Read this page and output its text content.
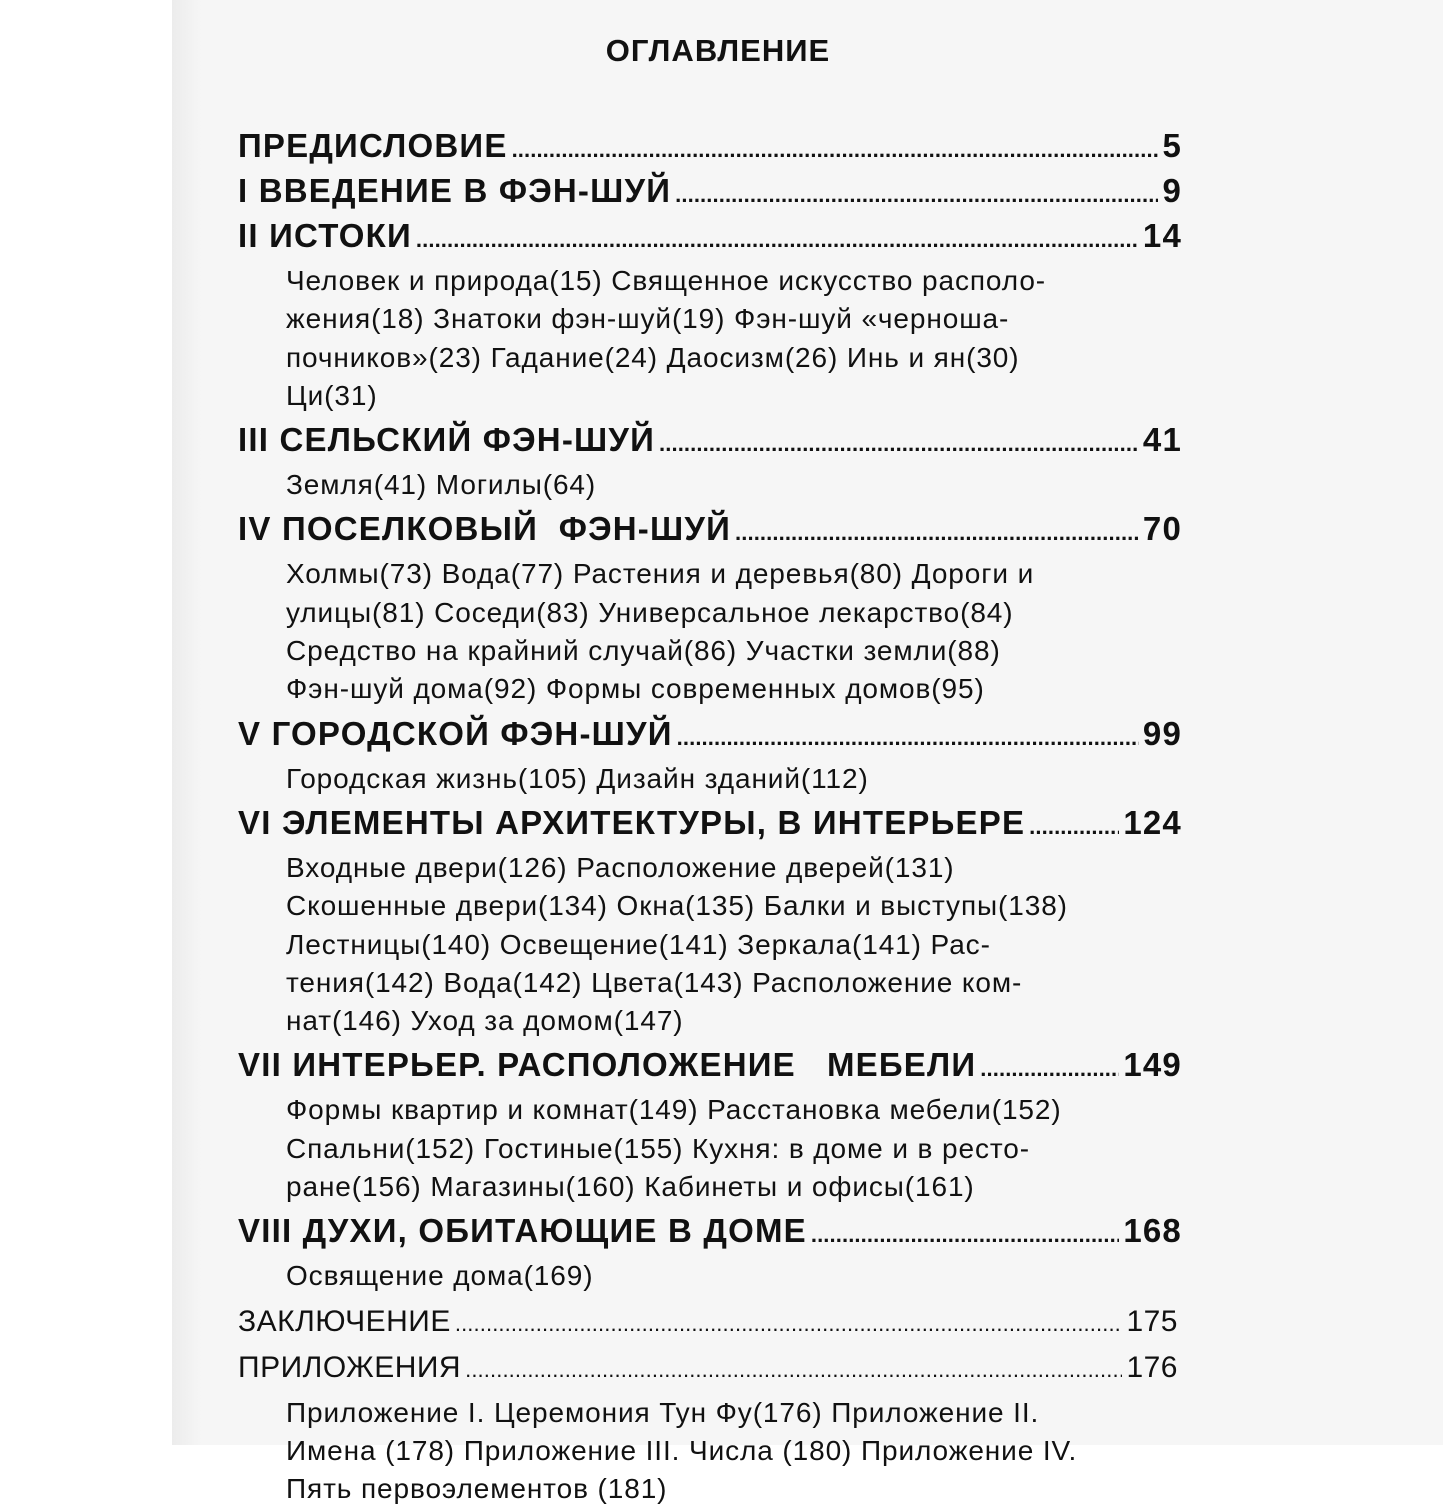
ОГЛАВЛЕНИЕ
ПРЕДИСЛОВИЕ . . .	5
I ВВЕДЕНИЕ В ФЭН-ШУЙ . . .	9
II ИСТОКИ . . .	14
Человек и природа(15) Священное искусство располо-
жения(18) Знатоки фэн-шуй(19) Фэн-шуй «черноша-
почников»(23) Гадание(24) Даосизм(26) Инь и ян(30)
Ци(31)
III СЕЛЬСКИЙ ФЭН-ШУЙ . . .	41
Земля(41) Могилы(64)
IV ПОСЕЛКОВЫЙ  ФЭН-ШУЙ . . .	70
Холмы(73) Вода(77) Растения и деревья(80) Дороги и
улицы(81) Соседи(83) Универсальное лекарство(84)
Средство на крайний случай(86) Участки земли(88)
Фэн-шуй дома(92) Формы современных домов(95)
V ГОРОДСКОЙ ФЭН-ШУЙ . . .	99
Городская жизнь(105) Дизайн зданий(112)
VI ЭЛЕМЕНТЫ АРХИТЕКТУРЫ, В ИНТЕРЬЕРЕ . . .	124
Входные двери(126) Расположение дверей(131)
Скошенные двери(134) Окна(135) Балки и выступы(138)
Лестницы(140) Освещение(141) Зеркала(141) Рас-
тения(142) Вода(142) Цвета(143) Расположение ком-
нат(146) Уход за домом(147)
VII ИНТЕРЬЕР. РАСПОЛОЖЕНИЕ   МЕБЕЛИ . . .	149
Формы квартир и комнат(149) Расстановка мебели(152)
Спальни(152) Гостиные(155) Кухня: в доме и в ресто-
ране(156) Магазины(160) Кабинеты и офисы(161)
VIII ДУХИ, ОБИТАЮЩИЕ В ДОМЕ . . .	168
Освящение дома(169)
ЗАКЛЮЧЕНИЕ . . .	175
ПРИЛОЖЕНИЯ . . .	176
Приложение I. Церемония Тун Фу(176) Приложение II.
Имена (178) Приложение III. Числа (180) Приложение IV.
Пять первоэлементов (181)
